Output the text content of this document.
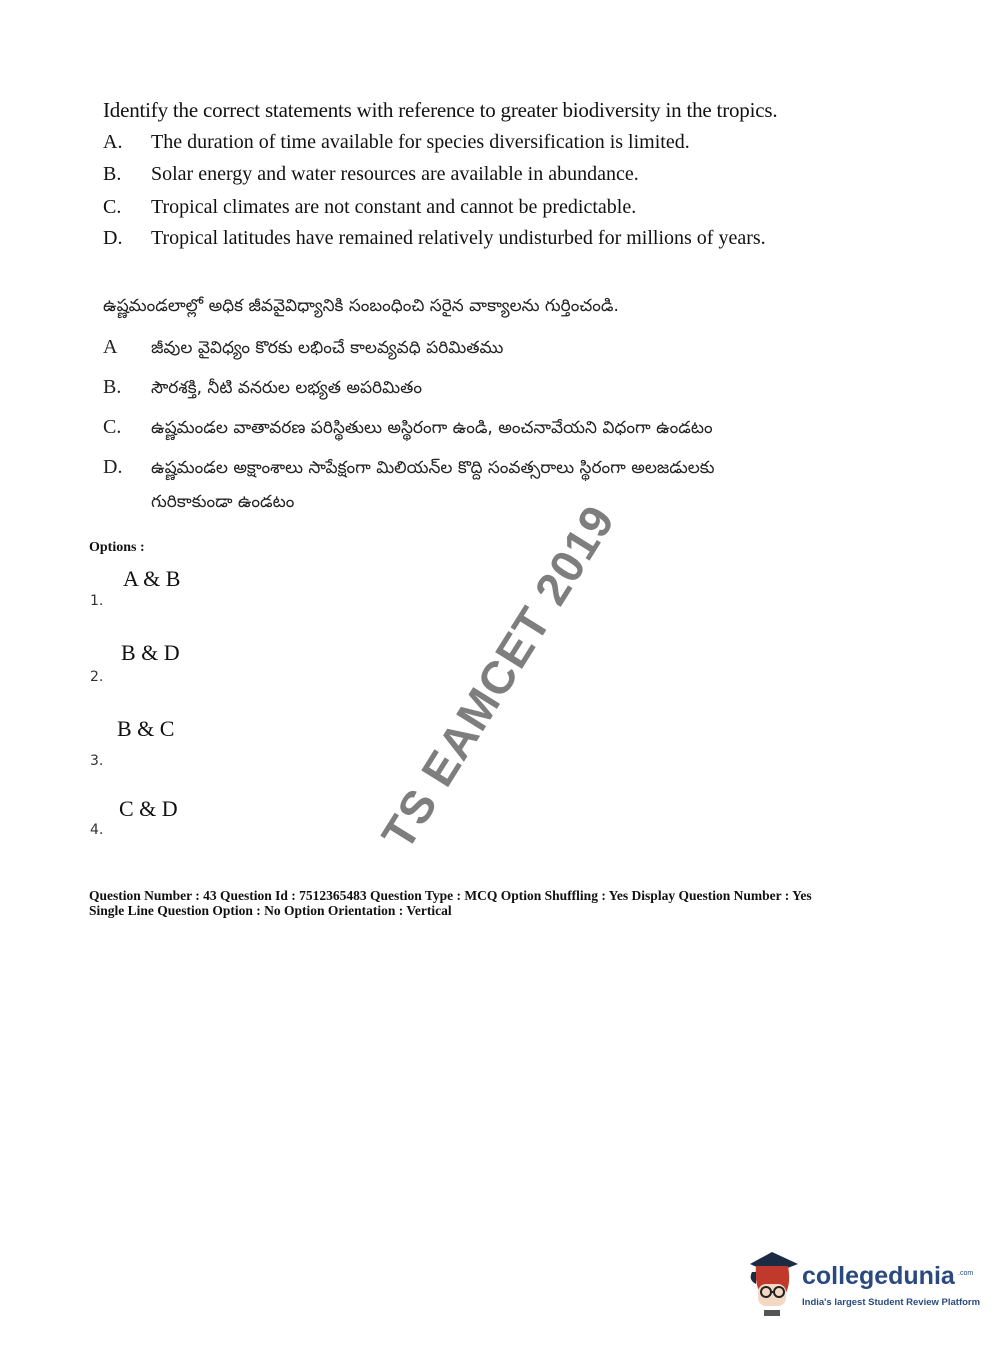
Identify the correct statements with reference to greater biodiversity in the tropics.
A. The duration of time available for species diversification is limited.
B. Solar energy and water resources are available in abundance.
C. Tropical climates are not constant and cannot be predictable.
D. Tropical latitudes have remained relatively undisturbed for millions of years.
ఉష్ణమండలాల్లో అధిక జీవవైవిధ్యానికి సంబంధించి సరైన వాక్యాలను గుర్తించండి.
A జీవుల వైవిధ్యం కొరకు లభించే కాలవ్యవధి పరిమితము
B. సౌరశక్తి, నీటి వనరుల లభ్యత అపరిమితం
C. ఉష్ణమండల వాతావరణ పరిస్థితులు అస్థిరంగా ఉండి, అంచనావేయని విధంగా ఉండటం
D. ఉష్ణమండల అక్షాంశాలు సాపేక్షంగా మిలియన్‌ల కొద్ది సంవత్సరాలు స్థిరంగా అలజడులకు
గురికాకుండా ఉండటం
Options :
A & B
1.
B & D
2.
B & C
3.
C & D
4.	TS EAMCET 2019
Question Number : 43 Question Id : 7512365483 Question Type : MCQ Option Shuffling : Yes Display Question Number : Yes
Single Line Question Option : No Option Orientation : Vertical
collegedunia .com
India's largest Student Review Platform
